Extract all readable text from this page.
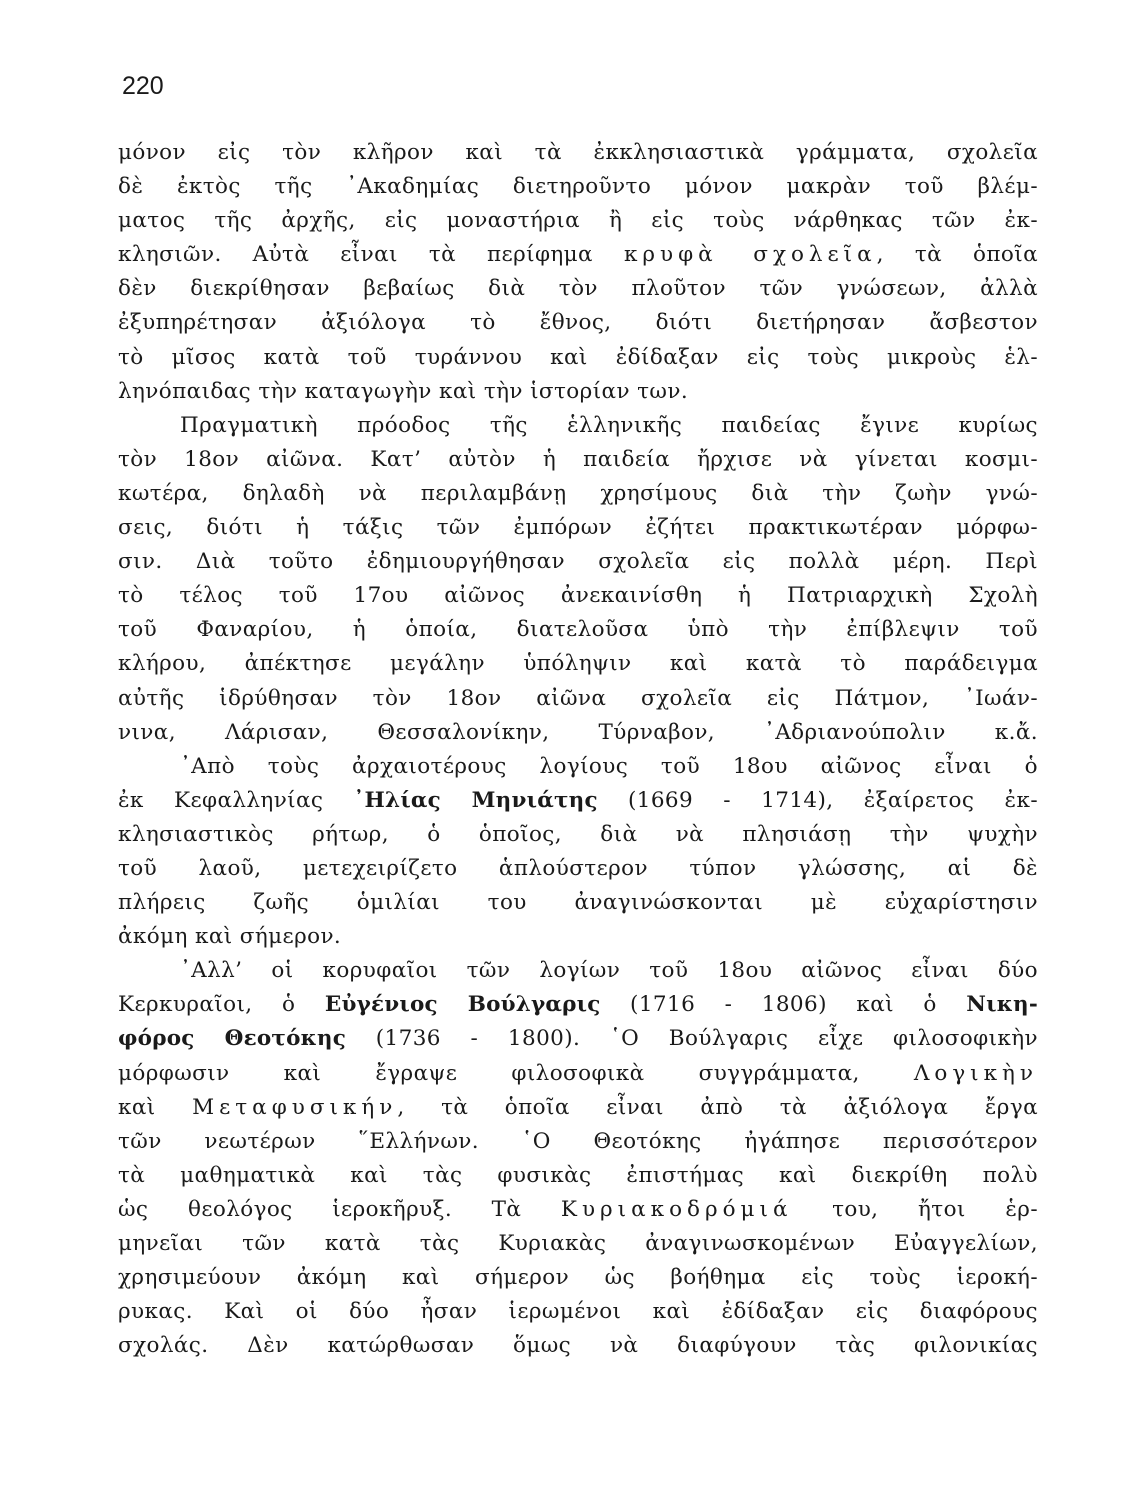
220
μόνον εἰς τὸν κλῆρον καὶ τὰ ἐκκλησιαστικὰ γράμματα, σχολεῖα
δὲ ἐκτὸς τῆς ᾿Ακαδημίας διετηροῦντο μόνον μακρὰν τοῦ βλέμ-
ματος τῆς ἀρχῆς, εἰς μοναστήρια ἢ εἰς τοὺς νάρθηκας τῶν ἐκ-
κλησιῶν. Αὐτὰ εἶναι τὰ περίφημα κρυφὰ σχολεῖα, τὰ ὁποῖα
δὲν διεκρίθησαν βεβαίως διὰ τὸν πλοῦτον τῶν γνώσεων, ἀλλὰ
ἐξυπηρέτησαν ἀξιόλογα τὸ ἔθνος, διότι διετήρησαν ἄσβεστον
τὸ μῖσος κατὰ τοῦ τυράννου καὶ ἐδίδαξαν εἰς τοὺς μικροὺς ἑλ-
ληνόπαιδας τὴν καταγωγὴν καὶ τὴν ἱστορίαν των.
Πραγματικὴ πρόοδος τῆς ἑλληνικῆς παιδείας ἔγινε κυρίως
τὸν 18ον αἰῶνα. Κατ’ αὐτὸν ἡ παιδεία ἤρχισε νὰ γίνεται κοσμι-
κωτέρα, δηλαδὴ νὰ περιλαμβάνῃ χρησίμους διὰ τὴν ζωὴν γνώ-
σεις, διότι ἡ τάξις τῶν ἐμπόρων ἐζήτει πρακτικωτέραν μόρφω-
σιν. Διὰ τοῦτο ἐδημιουργήθησαν σχολεῖα εἰς πολλὰ μέρη. Περὶ
τὸ τέλος τοῦ 17ου αἰῶνος ἀνεκαινίσθη ἡ Πατριαρχικὴ Σχολὴ
τοῦ Φαναρίου, ἡ ὁποία, διατελοῦσα ὑπὸ τὴν ἐπίβλεψιν τοῦ
κλήρου, ἀπέκτησε μεγάλην ὑπόληψιν καὶ κατὰ τὸ παράδειγμα
αὐτῆς ἱδρύθησαν τὸν 18ον αἰῶνα σχολεῖα εἰς Πάτμον, ᾿Ιωάν-
νινα, Λάρισαν, Θεσσαλονίκην, Τύρναβον, ᾿Αδριανούπολιν κ.ἄ.
᾿Απὸ τοὺς ἀρχαιοτέρους λογίους τοῦ 18ου αἰῶνος εἶναι ὁ
ἐκ Κεφαλληνίας ᾿Ηλίας Μηνιάτης (1669 - 1714), ἐξαίρετος ἐκ-
κλησιαστικὸς ρήτωρ, ὁ ὁποῖος, διὰ νὰ πλησιάσῃ τὴν ψυχὴν
τοῦ λαοῦ, μετεχειρίζετο ἁπλούστερον τύπον γλώσσης, αἱ δὲ
πλήρεις ζωῆς ὁμιλίαι του ἀναγινώσκονται μὲ εὐχαρίστησιν
ἀκόμη καὶ σήμερον.
᾿Αλλ’ οἱ κορυφαῖοι τῶν λογίων τοῦ 18ου αἰῶνος εἶναι δύο
Κερκυραῖοι, ὁ Εὐγένιος Βούλγαρις (1716 - 1806) καὶ ὁ Νικη-
φόρος Θεοτόκης (1736 - 1800). ῾Ο Βούλγαρις εἶχε φιλοσοφικὴν
μόρφωσιν καὶ ἔγραψε φιλοσοφικὰ συγγράμματα, Λογικὴν
καὶ Μεταφυσικήν, τὰ ὁποῖα εἶναι ἀπὸ τὰ ἀξιόλογα ἔργα
τῶν νεωτέρων ῞Ελλήνων. ῾Ο Θεοτόκης ἠγάπησε περισσότερον
τὰ μαθηματικὰ καὶ τὰς φυσικὰς ἐπιστήμας καὶ διεκρίθη πολὺ
ὡς θεολόγος ἱεροκῆρυξ. Τὰ Κυριακοδρόμιά του, ἤτοι ἑρ-
μηνεῖαι τῶν κατὰ τὰς Κυριακὰς ἀναγινωσκομένων Εὐαγγελίων,
χρησιμεύουν ἀκόμη καὶ σήμερον ὡς βοήθημα εἰς τοὺς ἱεροκή-
ρυκας. Καὶ οἱ δύο ἦσαν ἱερωμένοι καὶ ἐδίδαξαν εἰς διαφόρους
σχολάς. Δὲν κατώρθωσαν ὅμως νὰ διαφύγουν τὰς φιλονικίας
